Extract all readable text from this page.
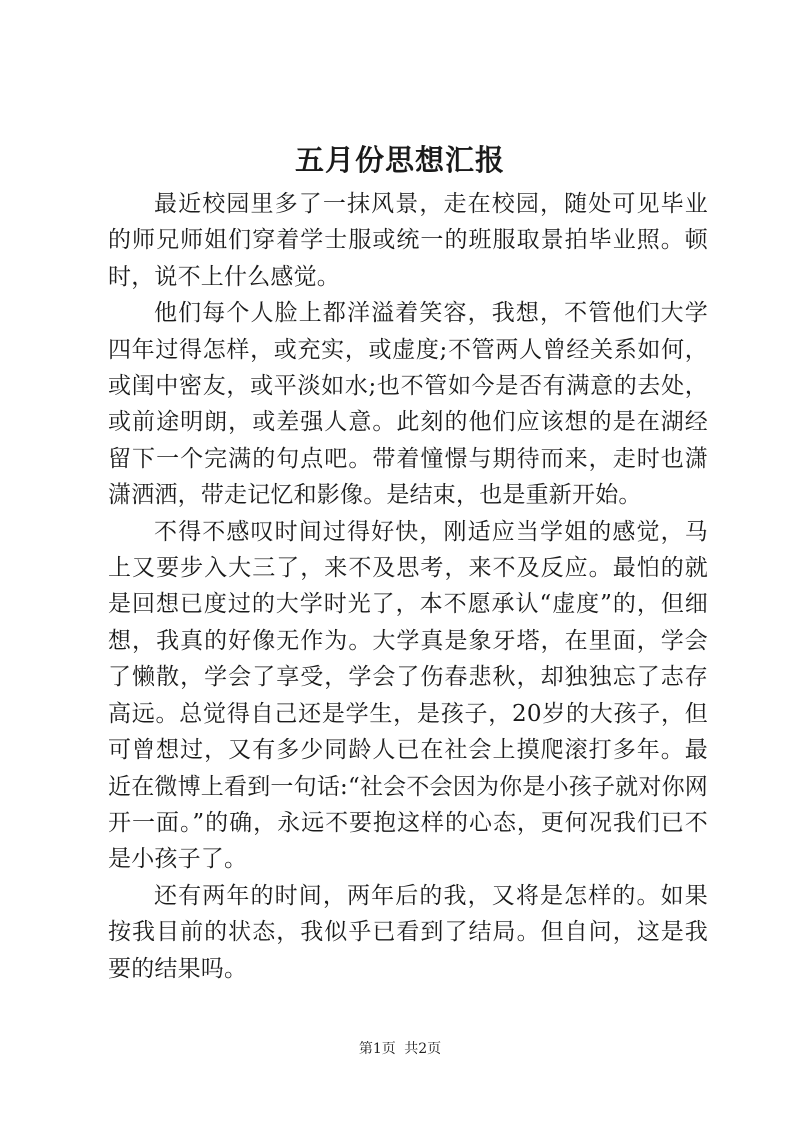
五月份思想汇报

最近校园里多了一抹风景，走在校园，随处可见毕业的师兄师姐们穿着学士服或统一的班服取景拍毕业照。顿时，说不上什么感觉。

他们每个人脸上都洋溢着笑容，我想，不管他们大学四年过得怎样，或充实，或虚度;不管两人曾经关系如何，或闺中密友，或平淡如水;也不管如今是否有满意的去处，或前途明朗，或差强人意。此刻的他们应该想的是在湖经留下一个完满的句点吧。带着憧憬与期待而来，走时也潇潇洒洒，带走记忆和影像。是结束，也是重新开始。

不得不感叹时间过得好快，刚适应当学姐的感觉，马上又要步入大三了，来不及思考，来不及反应。最怕的就是回想已度过的大学时光了，本不愿承认“虚度”的，但细想，我真的好像无作为。大学真是象牙塔，在里面，学会了懒散，学会了享受，学会了伤春悲秋，却独独忘了志存高远。总觉得自己还是学生，是孩子，20岁的大孩子，但可曾想过，又有多少同龄人已在社会上摸爬滚打多年。最近在微博上看到一句话:“社会不会因为你是小孩子就对你网开一面。”的确，永远不要抱这样的心态，更何况我们已不是小孩子了。

还有两年的时间，两年后的我，又将是怎样的。如果按我目前的状态，我似乎已看到了结局。但自问，这是我要的结果吗。

第1页 共2页
